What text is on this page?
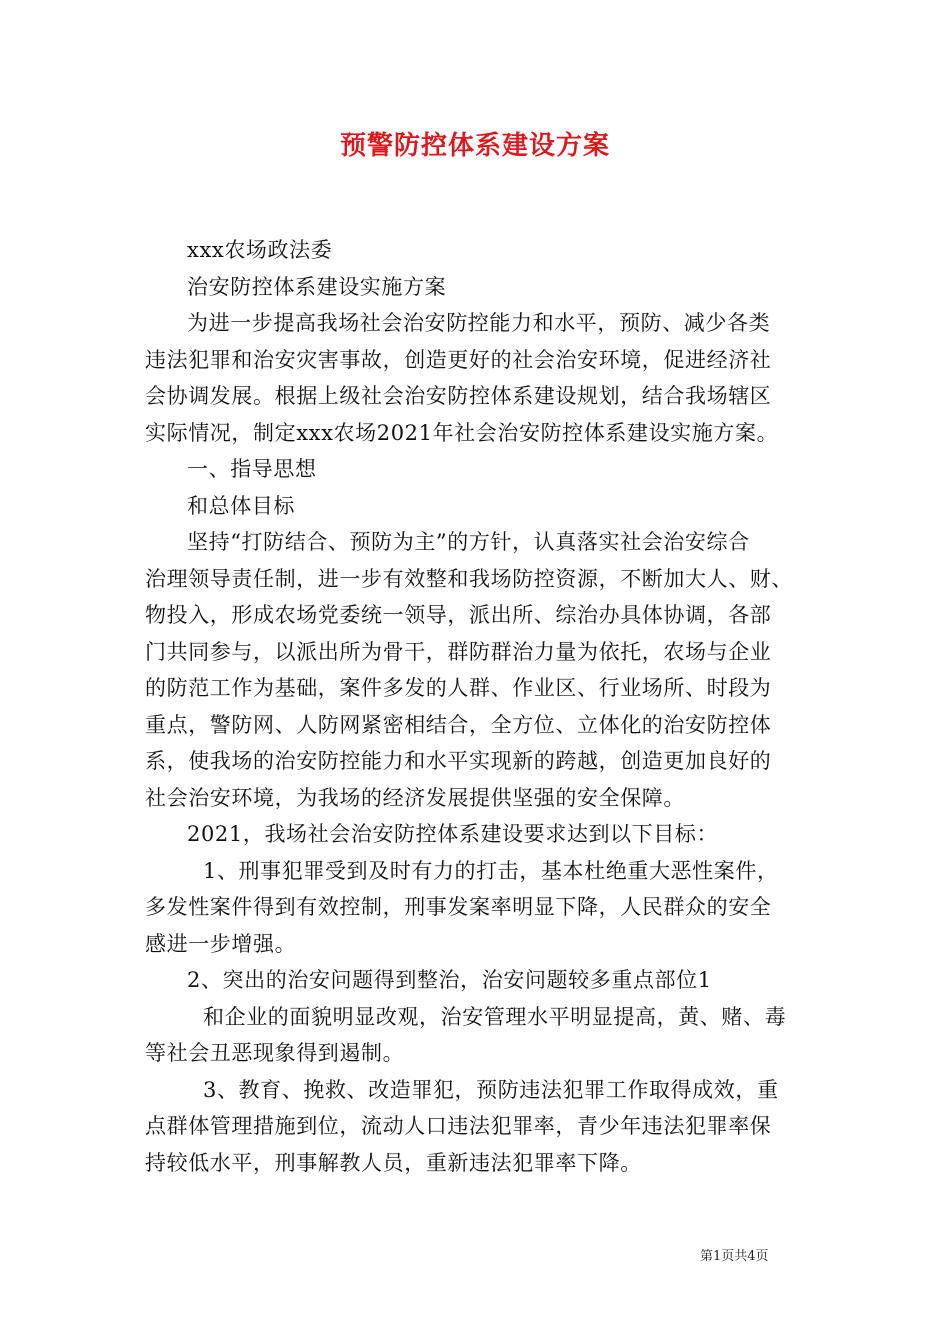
预警防控体系建设方案

xxx农场政法委

治安防控体系建设实施方案

为进一步提高我场社会治安防控能力和水平，预防、减少各类

违法犯罪和治安灾害事故，创造更好的社会治安环境，促进经济社

会协调发展。根据上级社会治安防控体系建设规划，结合我场辖区

实际情况，制定xxx农场2021年社会治安防控体系建设实施方案。

一、指导思想

和总体目标

坚持“打防结合、预防为主”的方针，认真落实社会治安综合

治理领导责任制，进一步有效整和我场防控资源，不断加大人、财、

物投入，形成农场党委统一领导，派出所、综治办具体协调，各部

门共同参与，以派出所为骨干，群防群治力量为依托，农场与企业

的防范工作为基础，案件多发的人群、作业区、行业场所、时段为

重点，警防网、人防网紧密相结合，全方位、立体化的治安防控体

系，使我场的治安防控能力和水平实现新的跨越，创造更加良好的

社会治安环境，为我场的经济发展提供坚强的安全保障。

2021，我场社会治安防控体系建设要求达到以下目标：

1、刑事犯罪受到及时有力的打击，基本杜绝重大恶性案件，

多发性案件得到有效控制，刑事发案率明显下降，人民群众的安全

感进一步增强。

2、突出的治安问题得到整治，治安问题较多重点部位1

和企业的面貌明显改观，治安管理水平明显提高，黄、赌、毒

等社会丑恶现象得到遏制。

3、教育、挽救、改造罪犯，预防违法犯罪工作取得成效，重

点群体管理措施到位，流动人口违法犯罪率，青少年违法犯罪率保

持较低水平，刑事解教人员，重新违法犯罪率下降。

第1页共4页
